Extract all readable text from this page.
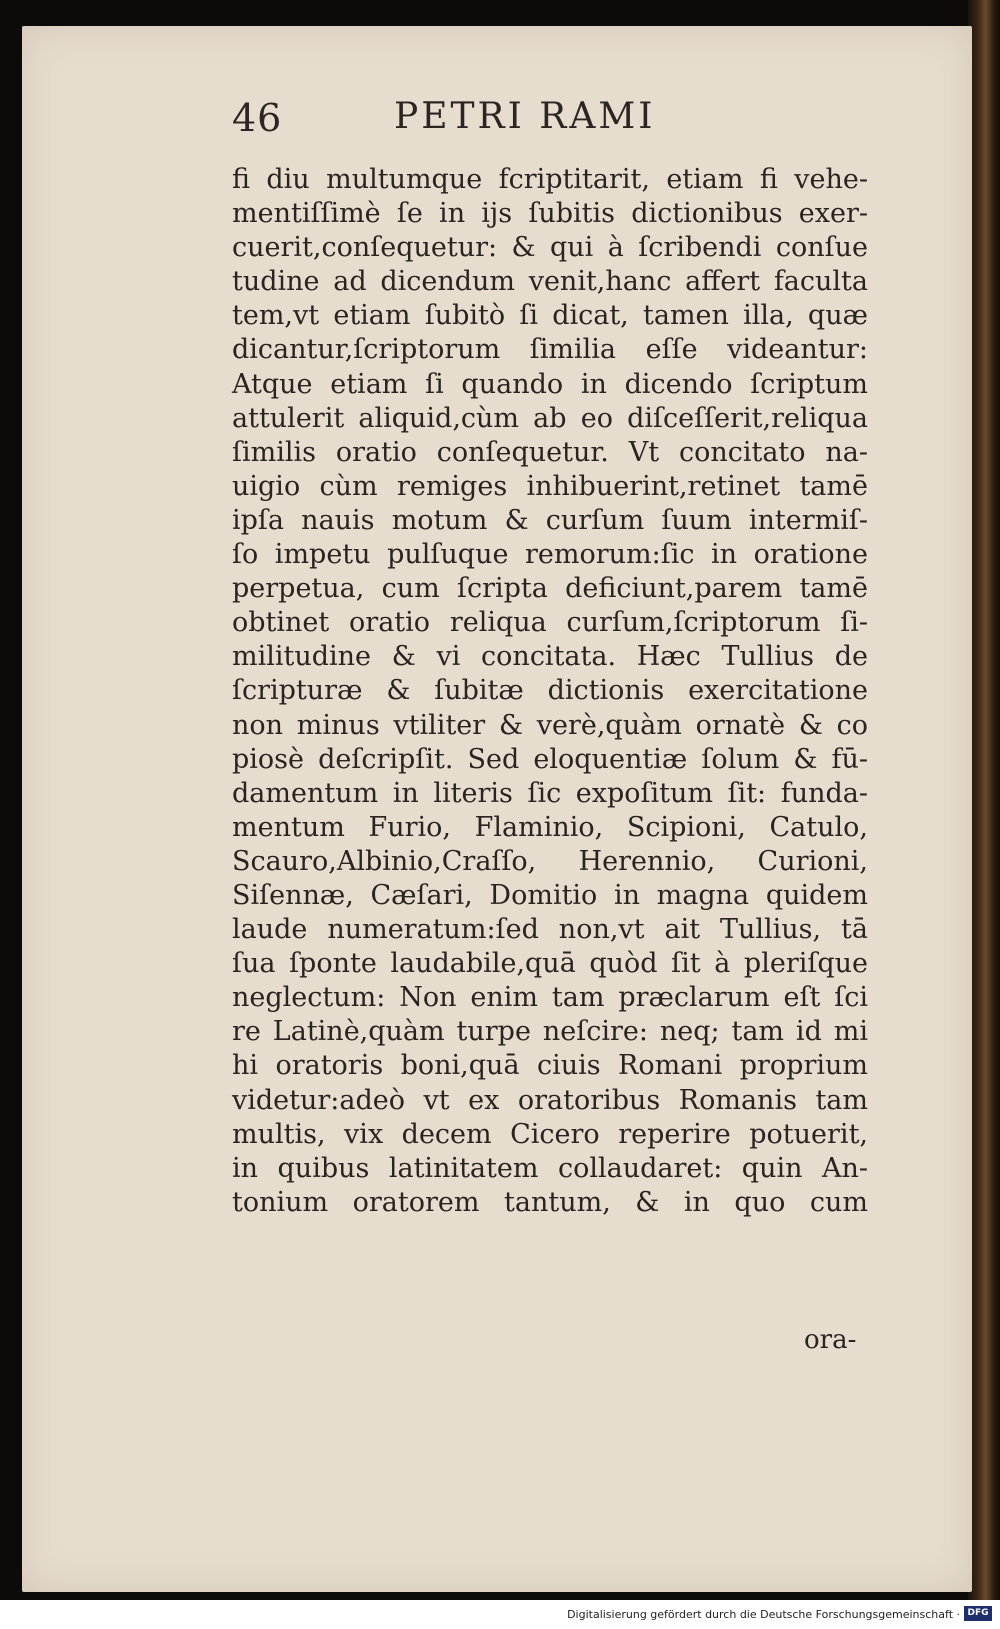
46	PETRI RAMI
fi diu multumque fcriptitarit, etiam fi vehe-
mentiſſimè ſe in ijs ſubitis dictionibus exer-
cuerit,conſequetur: & qui à ſcribendi conſue
tudine ad dicendum venit,hanc affert faculta
tem,vt etiam ſubitò ſi dicat, tamen illa, quæ
dicantur,ſcriptorum ſimilia eſſe videantur:
Atque etiam ſi quando in dicendo ſcriptum
attulerit aliquid,cùm ab eo diſceſſerit,reliqua
ſimilis oratio conſequetur. Vt concitato na-
uigio cùm remiges inhibuerint,retinet tamē
ipſa nauis motum & curſum ſuum intermiſ-
ſo impetu pulſuque remorum:ſic in oratione
perpetua, cum ſcripta deficiunt,parem tamē
obtinet oratio reliqua curſum,ſcriptorum ſi-
militudine & vi concitata. Hæc Tullius de
ſcripturæ & ſubitæ dictionis exercitatione
non minus vtiliter & verè,quàm ornatè & co
piosè deſcripſit. Sed eloquentiæ ſolum & fū-
damentum in literis ſic expoſitum ſit: funda-
mentum Furio, Flaminio, Scipioni, Catulo,
Scauro,Albinio,Craſſo, Herennio, Curioni,
Siſennæ, Cæſari, Domitio in magna quidem
laude numeratum:ſed non,vt ait Tullius, tā
ſua ſponte laudabile,quā quòd ſit à pleriſque
neglectum: Non enim tam præclarum eſt ſci
re Latinè,quàm turpe neſcire: neq; tam id mi
hi oratoris boni,quā ciuis Romani proprium
videtur:adeò vt ex oratoribus Romanis tam
multis, vix decem Cicero reperire potuerit,
in quibus latinitatem collaudaret: quin An-
tonium oratorem tantum, & in quo cum
ora-
Digitalisierung gefördert durch die Deutsche Forschungsgemeinschaft · DFG
